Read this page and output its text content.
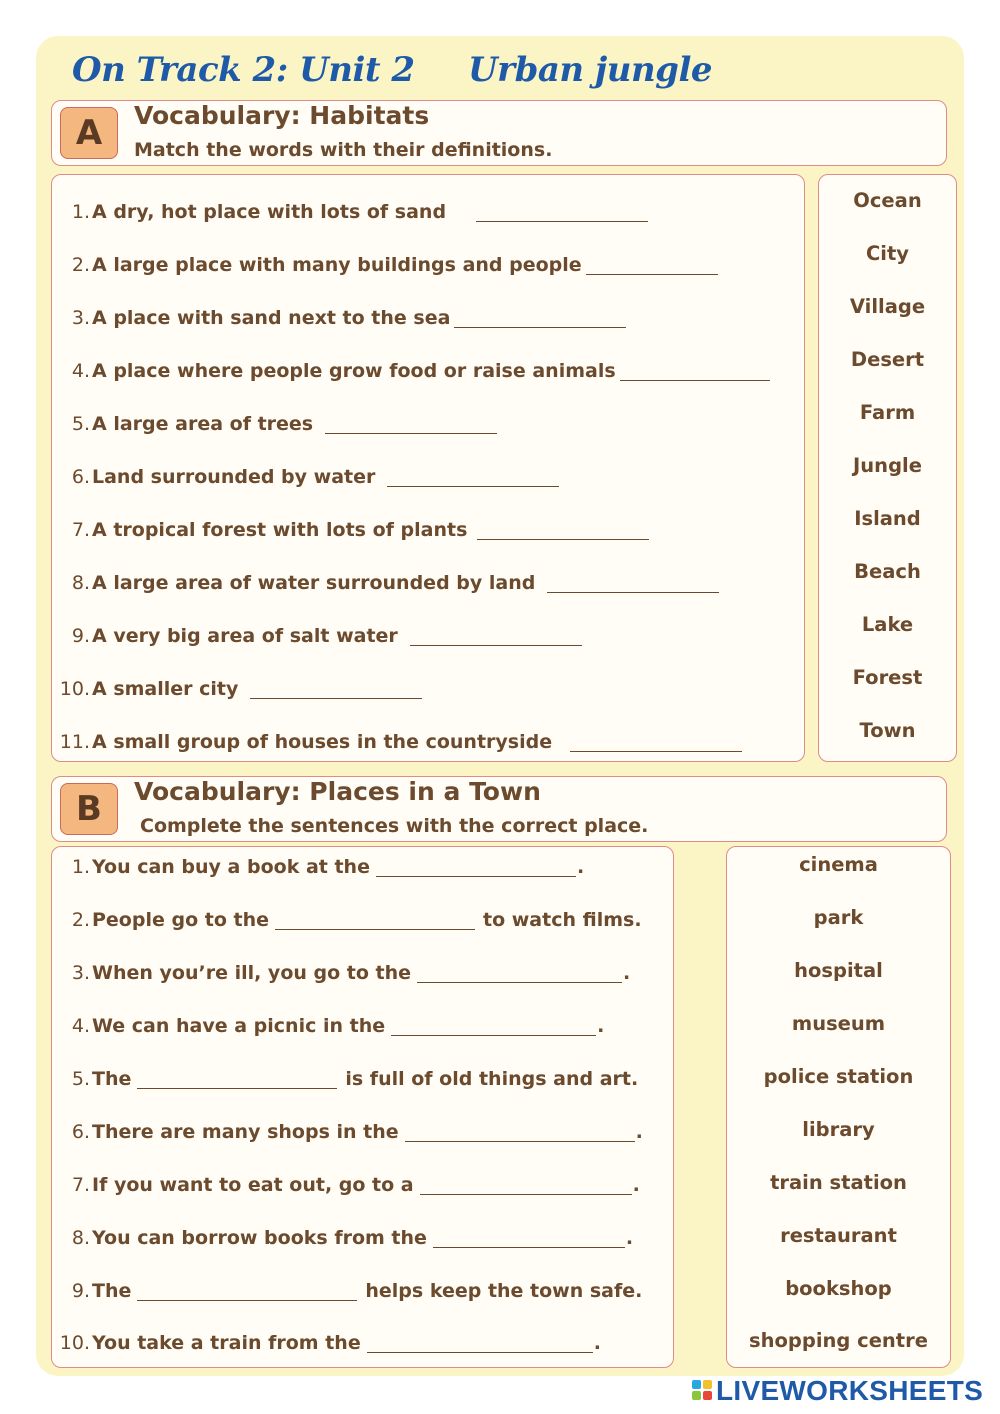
On Track 2: Unit 2 Urban jungle
A	Vocabulary: Habitats
Match the words with their definitions.
1. A dry, hot place with lots of sand
2. A large place with many buildings and people
3. A place with sand next to the sea
4. A place where people grow food or raise animals
5. A large area of trees
6. Land surrounded by water
7. A tropical forest with lots of plants
8. A large area of water surrounded by land
9. A very big area of salt water
10. A smaller city
11. A small group of houses in the countryside
Ocean
City
Village
Desert
Farm
Jungle
Island
Beach
Lake
Forest
Town
B	Vocabulary: Places in a Town
Complete the sentences with the correct place.
1. You can buy a book at the	.
2. People go to the	to watch films.
3. When you’re ill, you go to the	.
4. We can have a picnic in the	.
5. The	is full of old things and art.
6. There are many shops in the	.
7. If you want to eat out, go to a	.
8. You can borrow books from the	.
9. The	helps keep the town safe.
10. You take a train from the	.
cinema
park
hospital
museum
police station
library
train station
restaurant
bookshop
shopping centre
LIVEWORKSHEETS
